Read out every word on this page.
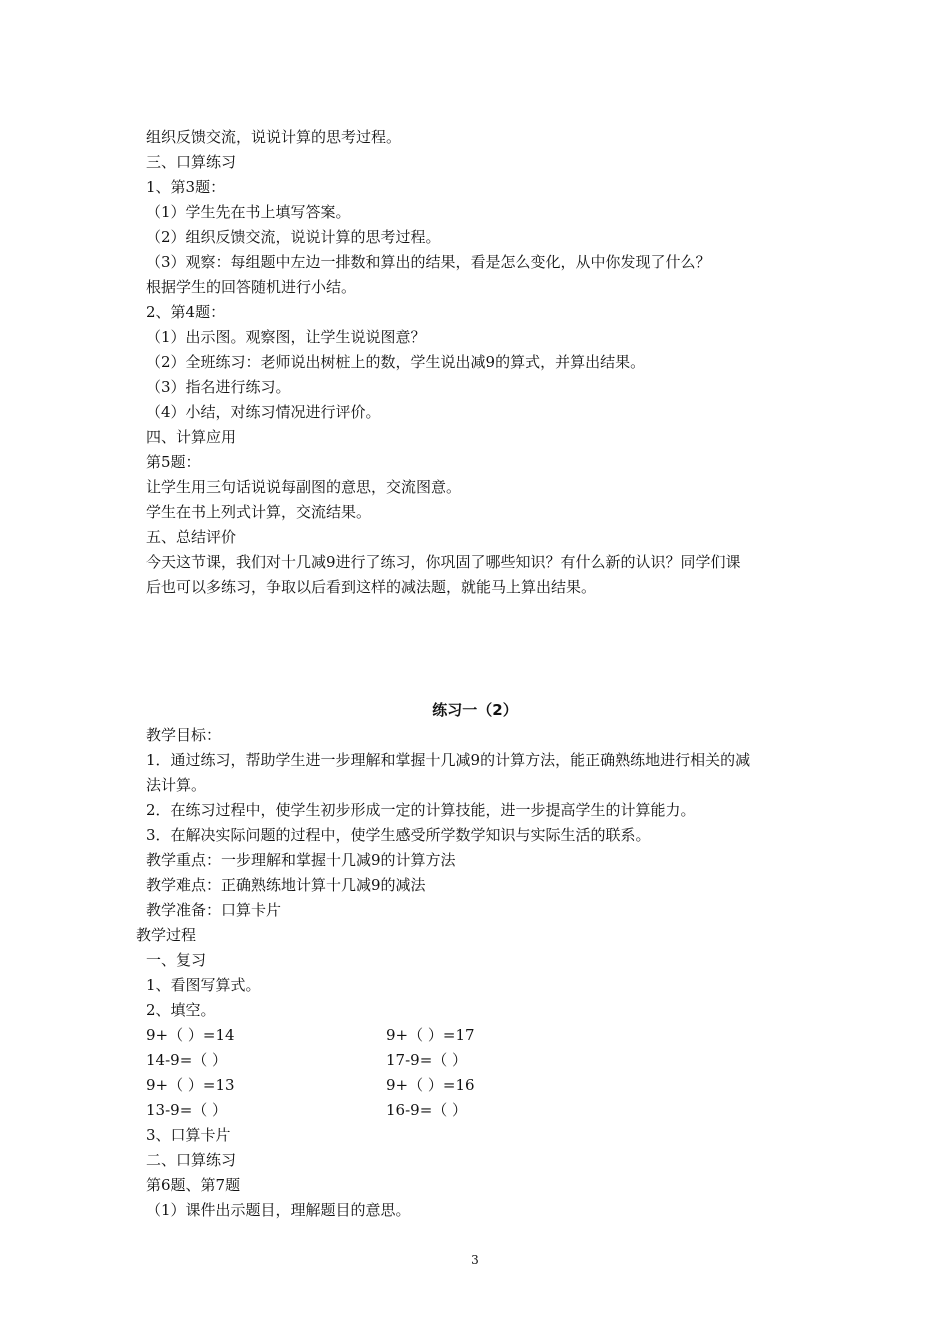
组织反馈交流，说说计算的思考过程。
三、口算练习
1、第3题：
（1）学生先在书上填写答案。
（2）组织反馈交流，说说计算的思考过程。
（3）观察：每组题中左边一排数和算出的结果，看是怎么变化，从中你发现了什么？
根据学生的回答随机进行小结。
2、第4题：
（1）出示图。观察图，让学生说说图意？
（2）全班练习：老师说出树桩上的数，学生说出减9的算式，并算出结果。
（3）指名进行练习。
（4）小结，对练习情况进行评价。
四、计算应用
第5题：
让学生用三句话说说每副图的意思，交流图意。
学生在书上列式计算，交流结果。
五、总结评价
今天这节课，我们对十几减9进行了练习，你巩固了哪些知识？有什么新的认识？同学们课
后也可以多练习，争取以后看到这样的减法题，就能马上算出结果。
练习一（2）
教学目标：
1．通过练习，帮助学生进一步理解和掌握十几减9的计算方法，能正确熟练地进行相关的减
法计算。
2．在练习过程中，使学生初步形成一定的计算技能，进一步提高学生的计算能力。
3．在解决实际问题的过程中，使学生感受所学数学知识与实际生活的联系。
教学重点：一步理解和掌握十几减9的计算方法
教学难点：正确熟练地计算十几减9的减法
教学准备：口算卡片
教学过程
一、复习
1、看图写算式。
2、填空。
9+（ ）=14	9+（ ）=17
14-9=（ ）	17-9=（ ）
9+（ ）=13	9+（ ）=16
13-9=（ ）	16-9=（ ）
3、口算卡片
二、口算练习
第6题、第7题
（1）课件出示题目，理解题目的意思。
3
